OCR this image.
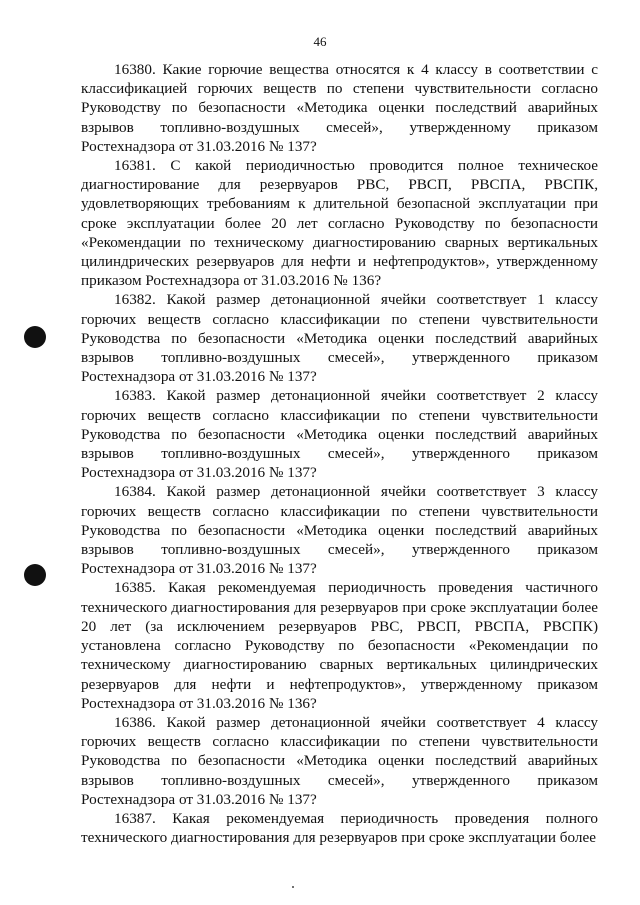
46

16380. Какие горючие вещества относятся к 4 классу в соответствии с классификацией горючих веществ по степени чувствительности согласно Руководству по безопасности «Методика оценки последствий аварийных взрывов топливно-воздушных смесей», утвержденному приказом Ростехнадзора от 31.03.2016 № 137?

16381. С какой периодичностью проводится полное техническое диагностирование для резервуаров РВС, РВСП, РВСПА, РВСПК, удовлетворяющих требованиям к длительной безопасной эксплуатации при сроке эксплуатации более 20 лет согласно Руководству по безопасности «Рекомендации по техническому диагностированию сварных вертикальных цилиндрических резервуаров для нефти и нефтепродуктов», утвержденному приказом Ростехнадзора от 31.03.2016 № 136?

16382. Какой размер детонационной ячейки соответствует 1 классу горючих веществ согласно классификации по степени чувствительности Руководства по безопасности «Методика оценки последствий аварийных взрывов топливно-воздушных смесей», утвержденного приказом Ростехнадзора от 31.03.2016 № 137?

16383. Какой размер детонационной ячейки соответствует 2 классу горючих веществ согласно классификации по степени чувствительности Руководства по безопасности «Методика оценки последствий аварийных взрывов топливно-воздушных смесей», утвержденного приказом Ростехнадзора от 31.03.2016 № 137?

16384. Какой размер детонационной ячейки соответствует 3 классу горючих веществ согласно классификации по степени чувствительности Руководства по безопасности «Методика оценки последствий аварийных взрывов топливно-воздушных смесей», утвержденного приказом Ростехнадзора от 31.03.2016 № 137?

16385. Какая рекомендуемая периодичность проведения частичного технического диагностирования для резервуаров при сроке эксплуатации более 20 лет (за исключением резервуаров РВС, РВСП, РВСПА, РВСПК) установлена согласно Руководству по безопасности «Рекомендации по техническому диагностированию сварных вертикальных цилиндрических резервуаров для нефти и нефтепродуктов», утвержденному приказом Ростехнадзора от 31.03.2016 № 136?

16386. Какой размер детонационной ячейки соответствует 4 классу горючих веществ согласно классификации по степени чувствительности Руководства по безопасности «Методика оценки последствий аварийных взрывов топливно-воздушных смесей», утвержденного приказом Ростехнадзора от 31.03.2016 № 137?

16387. Какая рекомендуемая периодичность проведения полного технического диагностирования для резервуаров при сроке эксплуатации более
